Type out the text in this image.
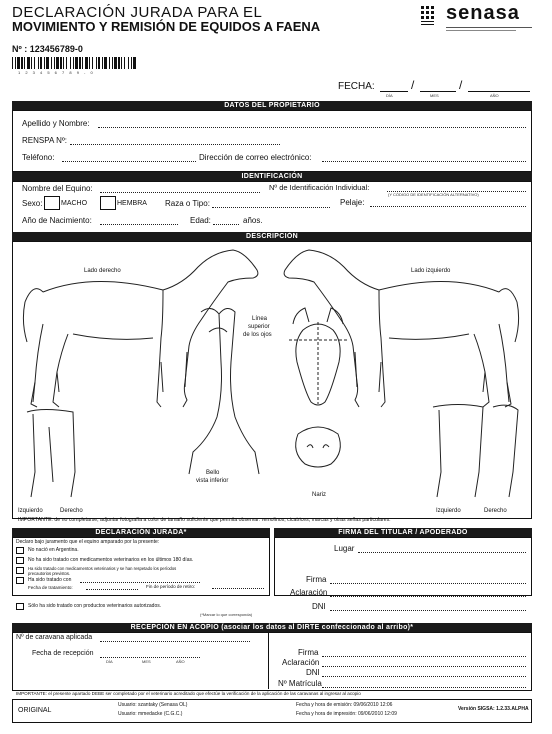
DECLARACIÓN JURADA PARA EL
MOVIMIENTO Y REMISIÓN DE EQUIDOS A FAENA
senasa
Nº : 123456789-0
1 2 3 4 5 6 7 8 9 - 0
FECHA:	/	/
DÍA	MES	AÑO
DATOS DEL PROPIETARIO
Apellido y Nombre:
RENSPA Nº:
Teléfono:	Dirección de correo electrónico:
IDENTIFICACIÓN
Nombre del Equino:	Nº de Identificación Individual:
(Y CÓDIGO DE IDENTIFICACIÓN ALTERNATIVO)
Sexo:	MACHO	HEMBRA Raza o Tipo:	Pelaje:
Año de Nacimiento:	Edad:	años.
DESCRIPCIÓN
Lado derecho	Lado izquierdo
Línea
superior
de los ojos
Bello
vista inferior
Nariz
Izquierdo	Derecho	Izquierdo	Derecho
IMPORTANTE: de no completarse, adjuntar fotografía a color de tamaño suficiente que permita observar: remolinos, cicatrices, marcas y otras señas particulares.
DECLARACIÓN JURADA*	FIRMA DEL TITULAR / APODERADO
Declaro bajo juramento que el equino amparado por la presente:
No nació en Argentina.
No ha sido tratado con medicamentos veterinarios en los últimos 180 días.
Ha sido tratado con medicamentos veterinarios y se han respetado los períodos precautorios previstos.
Ha sido tratado con
Fecha de tratamiento:	Fin de período de retiro:
Sólo ha sido tratado con productos veterinarios autorizados.
(*Marcar lo que corresponda)
Lugar
Firma
Aclaración
DNI
RECEPCIÓN EN ACOPIO (asociar los datos al DIRTE confeccionado al arribo)*
Nº de caravana aplicada
Fecha de recepción
DÍA	MES	AÑO
Firma
Aclaración
DNI
Nº Matrícula
IMPORTANTE: el presente apartado DEBE ser completado por el veterinario acreditado que efectúe la verificación de la aplicación de las caravanas al ingresar al acopio
ORIGINAL
Usuario: szantaky (Senasa OL)
Usuario: mmedacke (C.G.C.)
Fecha y hora de emisión: 09/06/2010 12:06
Fecha y hora de impresión: 09/06/2010 12:09
Versión SIGSA: 1.2.33.ALPHA
